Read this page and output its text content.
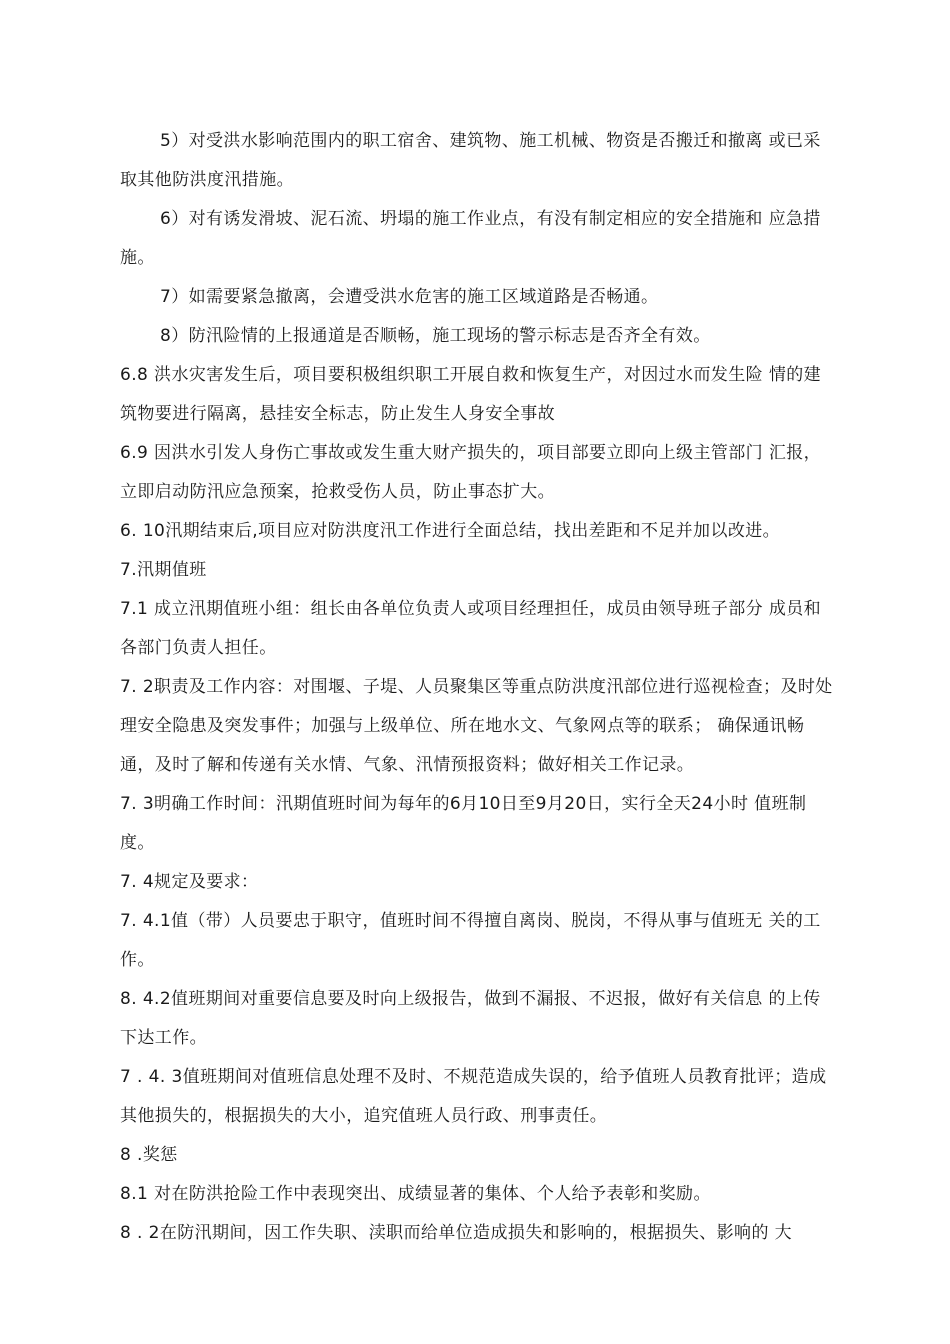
5）对受洪水影响范围内的职工宿舍、建筑物、施工机械、物资是否搬迁和撤离 或已采取其他防洪度汛措施。

6）对有诱发滑坡、泥石流、坍塌的施工作业点，有没有制定相应的安全措施和 应急措施。

7）如需要紧急撤离，会遭受洪水危害的施工区域道路是否畅通。

8）防汛险情的上报通道是否顺畅，施工现场的警示标志是否齐全有效。

6.8 洪水灾害发生后，项目要积极组织职工开展自救和恢复生产，对因过水而发生险 情的建筑物要进行隔离，悬挂安全标志，防止发生人身安全事故

6.9 因洪水引发人身伤亡事故或发生重大财产损失的，项目部要立即向上级主管部门 汇报，立即启动防汛应急预案，抢救受伤人员，防止事态扩大。

6. 10汛期结束后,项目应对防洪度汛工作进行全面总结，找出差距和不足并加以改进。

7.汛期值班

7.1 成立汛期值班小组：组长由各单位负责人或项目经理担任，成员由领导班子部分 成员和各部门负责人担任。

7. 2职责及工作内容：对围堰、子堤、人员聚集区等重点防洪度汛部位进行巡视检查；及时处理安全隐患及突发事件；加强与上级单位、所在地水文、气象网点等的联系； 确保通讯畅通，及时了解和传递有关水情、气象、汛情预报资料；做好相关工作记录。

7. 3明确工作时间：汛期值班时间为每年的6月10日至9月20日，实行全天24小时 值班制度。

7. 4规定及要求：

7. 4.1值（带）人员要忠于职守，值班时间不得擅自离岗、脱岗，不得从事与值班无 关的工作。

8. 4.2值班期间对重要信息要及时向上级报告，做到不漏报、不迟报，做好有关信息 的上传下达工作。

7 . 4. 3值班期间对值班信息处理不及时、不规范造成失误的，给予值班人员教育批评；造成其他损失的，根据损失的大小，追究值班人员行政、刑事责任。

8 .奖惩

8.1 对在防洪抢险工作中表现突出、成绩显著的集体、个人给予表彰和奖励。

8 . 2在防汛期间，因工作失职、渎职而给单位造成损失和影响的，根据损失、影响的 大
